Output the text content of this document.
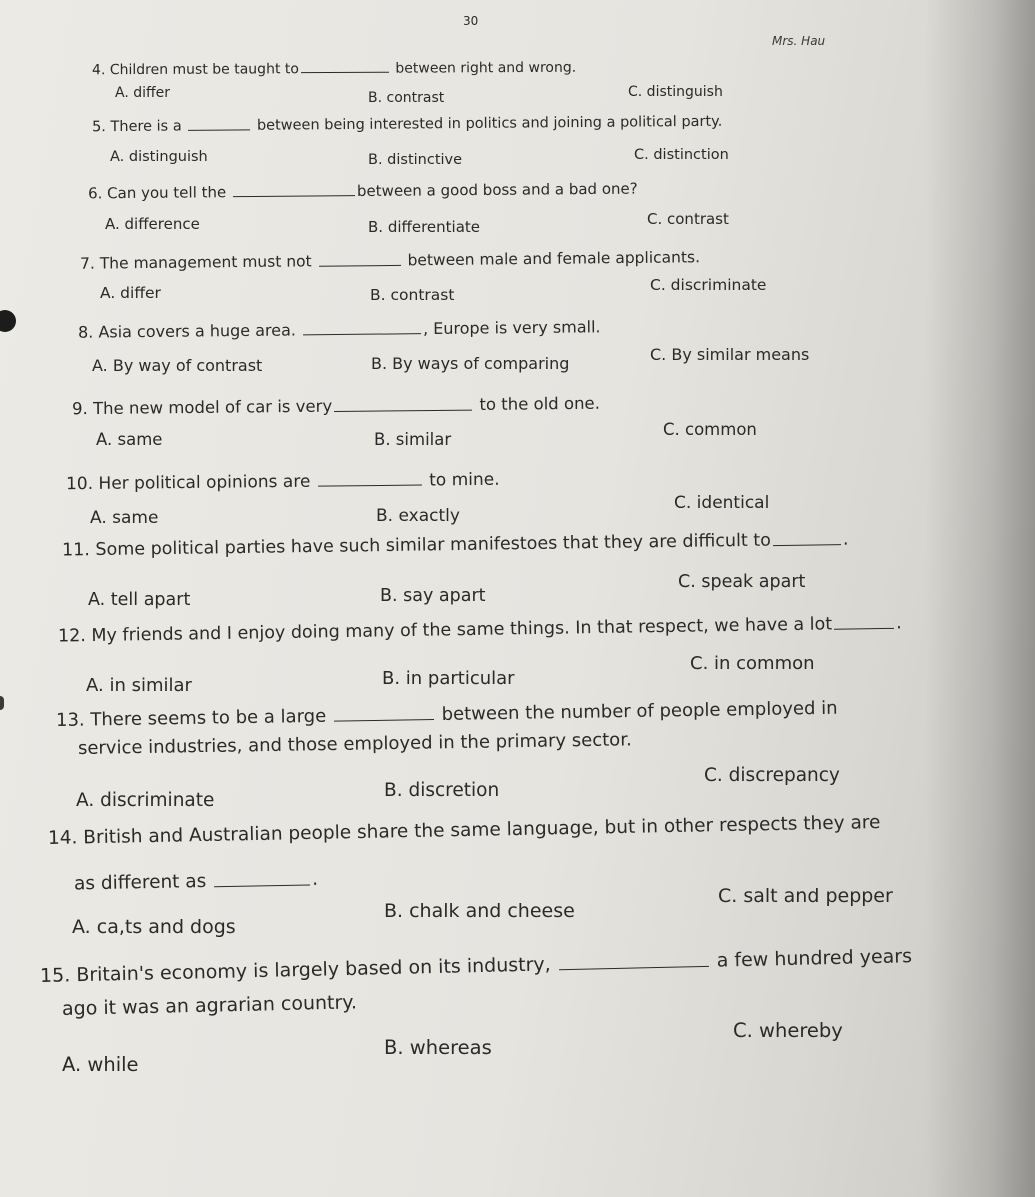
30
Mrs. Hau
4. Children must be taught to	between right and wrong.
A. differ	B. contrast	C. distinguish
5. There is a	between being interested in politics and joining a political party.
A. distinguish	B. distinctive	C. distinction
6. Can you tell the	between a good boss and a bad one?
A. difference	B. differentiate	C. contrast
7. The management must not	between male and female applicants.
A. differ	B. contrast
C. discriminate
8. Asia covers a huge area.	, Europe is very small.
A. By way of contrast	B. By ways of comparing	C. By similar means
9. The new model of car is very	to the old one.
A. same	B. similar
C. common
10. Her political opinions are	to mine.
A. same	B. exactly
C. identical
11. Some political parties have such similar manifestoes that they are difficult to	.
A. tell apart	B. say apart
C. speak apart
12. My friends and I enjoy doing many of the same things. In that respect, we have a lot	.
A. in similar	B. in particular
C. in common
13. There seems to be a large	between the number of people employed in
service industries, and those employed in the primary sector.
A. discriminate	B. discretion
C. discrepancy
14. British and Australian people share the same language, but in other respects they are
as different as	.
A. ca,ts and dogs
B. chalk and cheese
C. salt and pepper
15. Britain's economy is largely based on its industry,	a few hundred years
ago it was an agrarian country.
A. while
B. whereas
C. whereby
